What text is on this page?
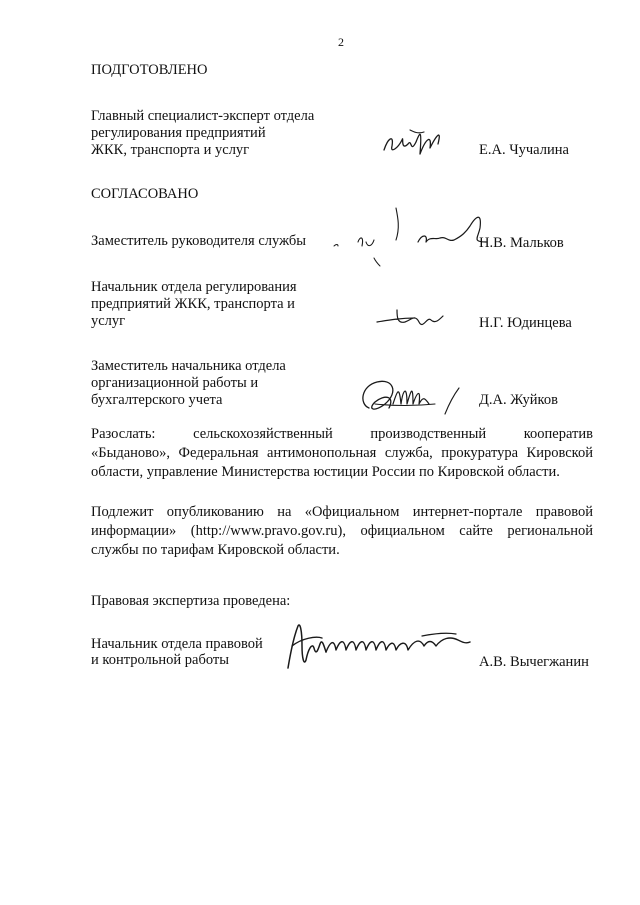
2
ПОДГОТОВЛЕНО
Главный специалист-эксперт отдела
регулирования предприятий
ЖКК, транспорта и услуг	Е.А. Чучалина
СОГЛАСОВАНО
Заместитель руководителя службы	Н.В. Мальков
Начальник отдела регулирования
предприятий ЖКК, транспорта и
услуг	Н.Г. Юдинцева
Заместитель начальника отдела
организационной работы и
бухгалтерского учета	Д.А. Жуйков
Разослать: сельскохозяйственный производственный кооператив
«Быданово», Федеральная антимонопольная служба, прокуратура Кировской
области, управление Министерства юстиции России по Кировской области.
Подлежит опубликованию на «Официальном интернет-портале правовой
информации» (http://www.pravo.gov.ru), официальном сайте региональной
службы по тарифам Кировской области.
Правовая экспертиза проведена:
Начальник отдела правовой
и контрольной работы	А.В. Вычегжанин
